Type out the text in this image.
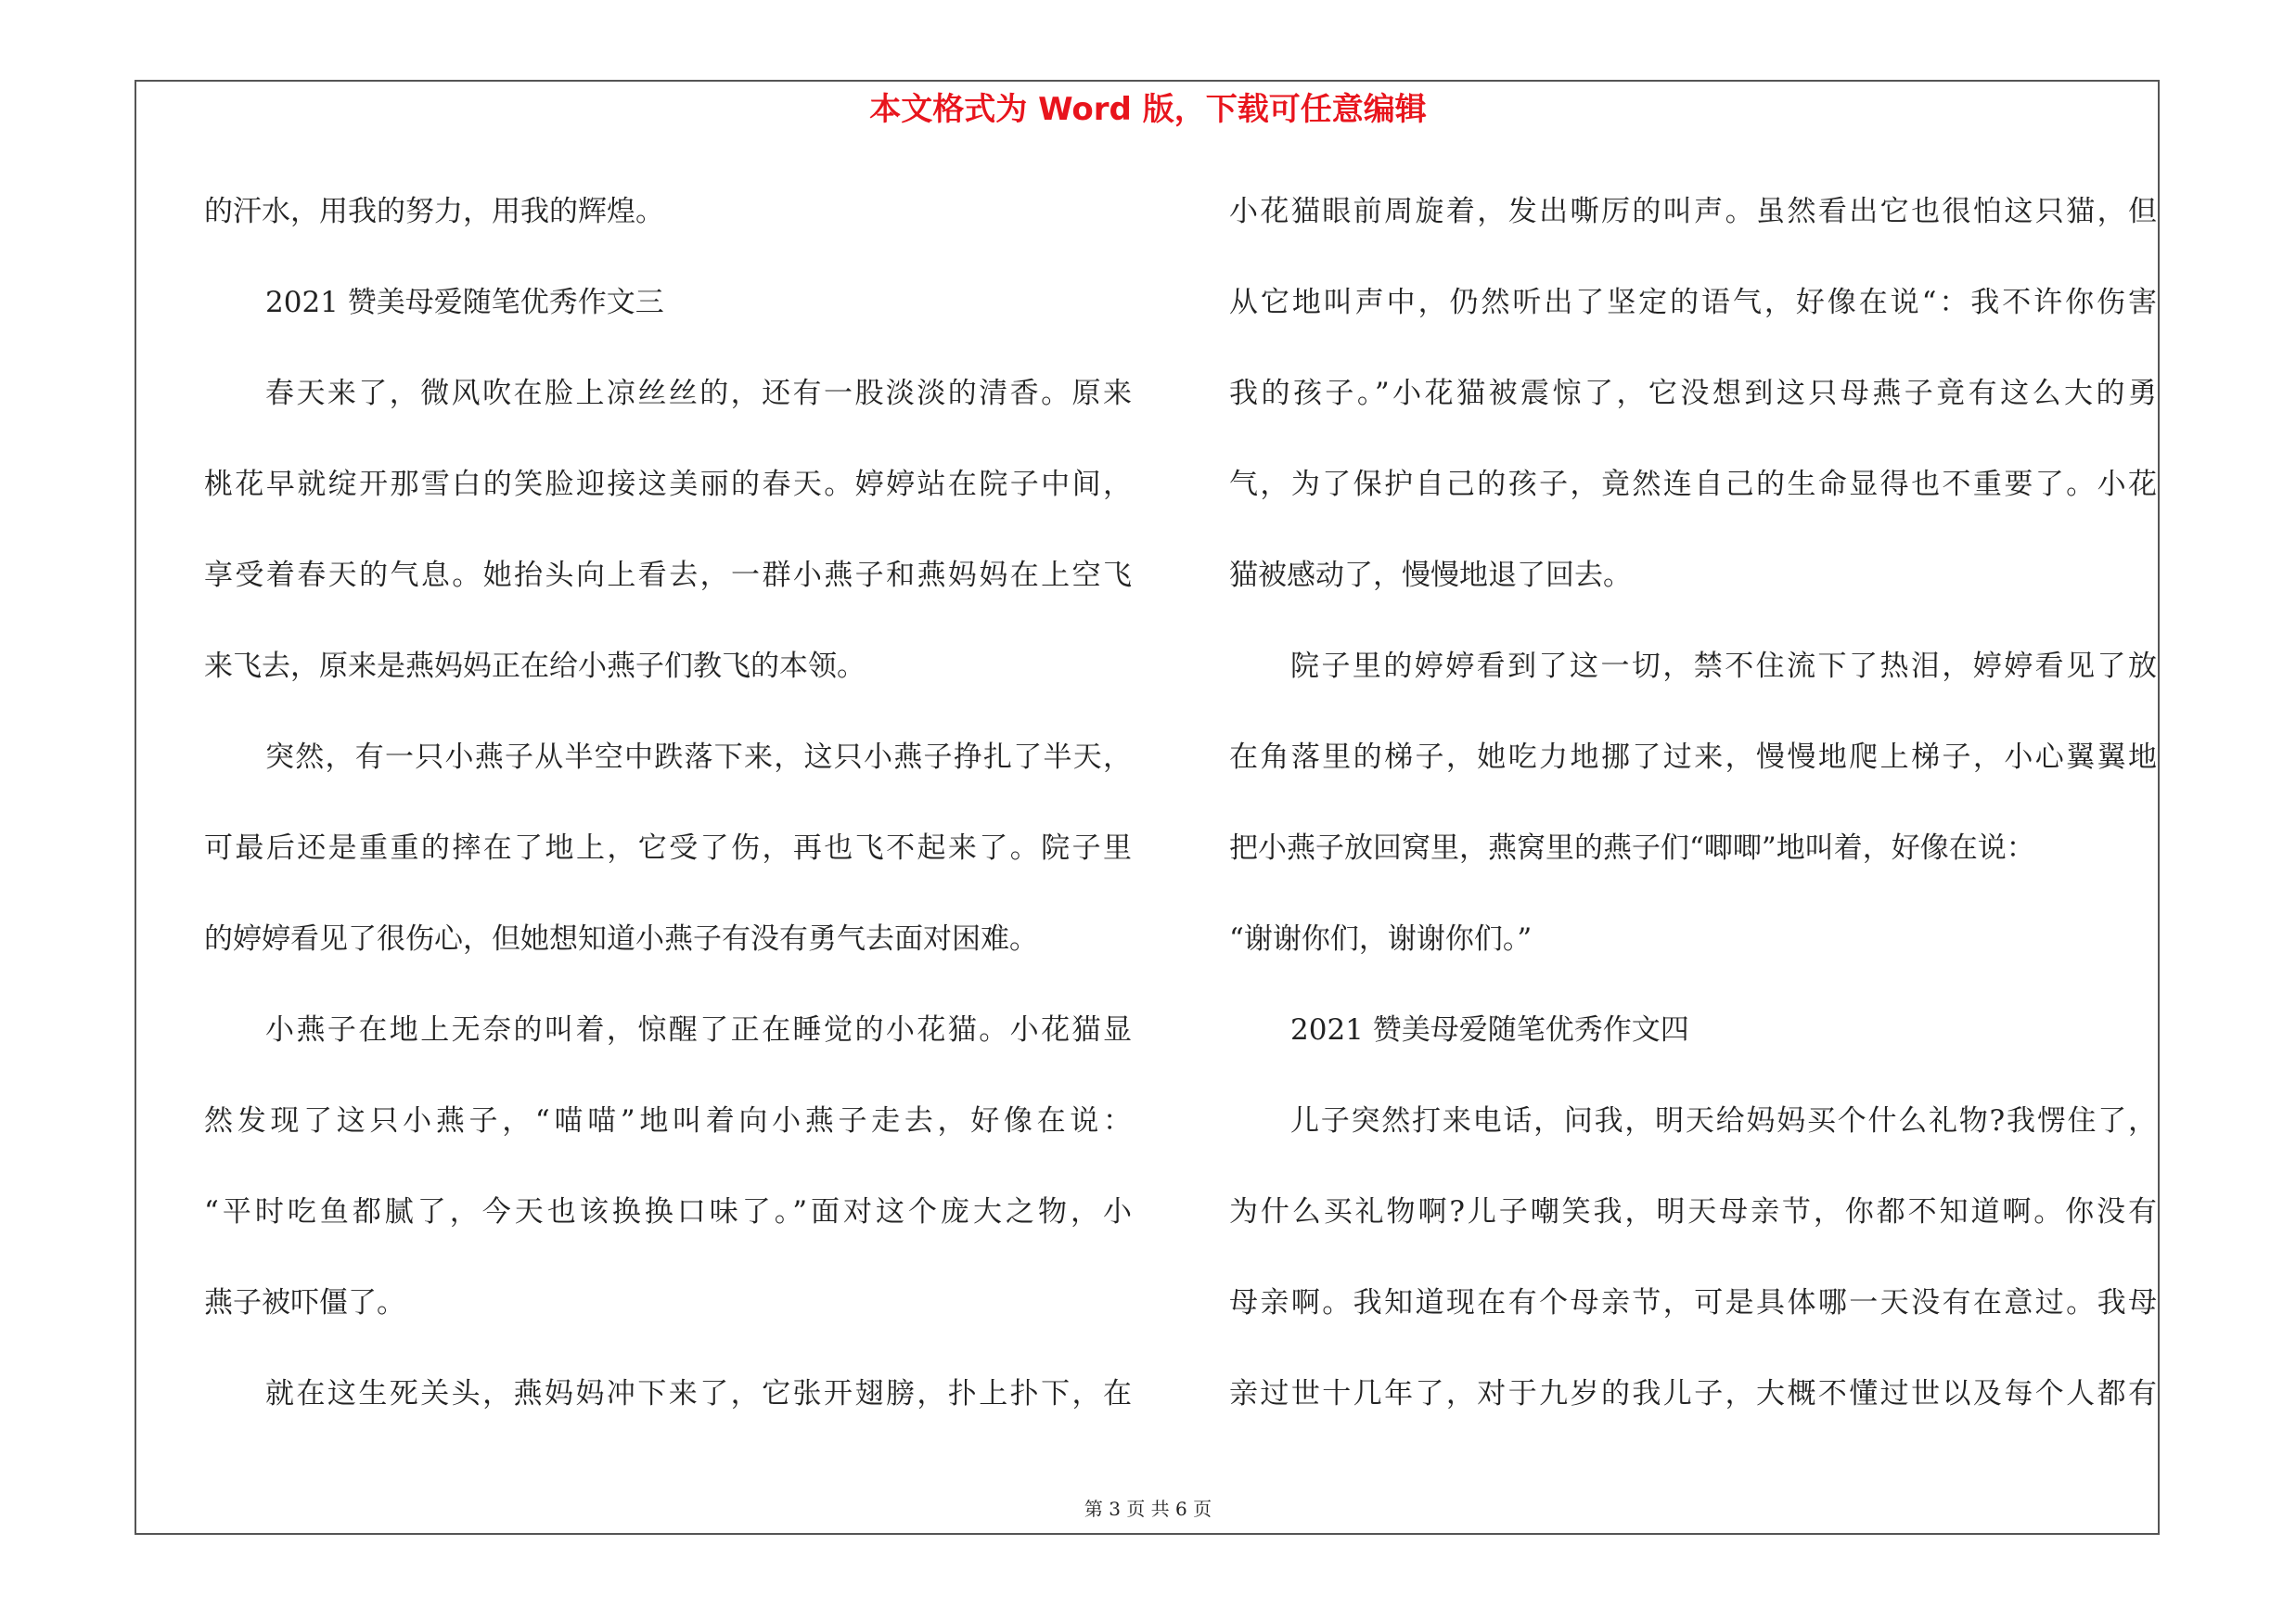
本文格式为 Word 版，下载可任意编辑
的汗水，用我的努力，用我的辉煌。
2021 赞美母爱随笔优秀作文三
春天来了，微风吹在脸上凉丝丝的，还有一股淡淡的清香。原来
桃花早就绽开那雪白的笑脸迎接这美丽的春天。婷婷站在院子中间，
享受着春天的气息。她抬头向上看去，一群小燕子和燕妈妈在上空飞
来飞去，原来是燕妈妈正在给小燕子们教飞的本领。
突然，有一只小燕子从半空中跌落下来，这只小燕子挣扎了半天，
可最后还是重重的摔在了地上，它受了伤，再也飞不起来了。院子里
的婷婷看见了很伤心，但她想知道小燕子有没有勇气去面对困难。
小燕子在地上无奈的叫着，惊醒了正在睡觉的小花猫。小花猫显
然发现了这只小燕子，“喵喵”地叫着向小燕子走去，好像在说：
“平时吃鱼都腻了，今天也该换换口味了。”面对这个庞大之物，小
燕子被吓僵了。
就在这生死关头，燕妈妈冲下来了，它张开翅膀，扑上扑下，在
小花猫眼前周旋着，发出嘶厉的叫声。虽然看出它也很怕这只猫，但
从它地叫声中，仍然听出了坚定的语气，好像在说“：我不许你伤害
我的孩子。”小花猫被震惊了，它没想到这只母燕子竟有这么大的勇
气，为了保护自己的孩子，竟然连自己的生命显得也不重要了。小花
猫被感动了，慢慢地退了回去。
院子里的婷婷看到了这一切，禁不住流下了热泪，婷婷看见了放
在角落里的梯子，她吃力地挪了过来，慢慢地爬上梯子，小心翼翼地
把小燕子放回窝里，燕窝里的燕子们“唧唧”地叫着，好像在说：
“谢谢你们，谢谢你们。”
2021 赞美母爱随笔优秀作文四
儿子突然打来电话，问我，明天给妈妈买个什么礼物?我愣住了，
为什么买礼物啊?儿子嘲笑我，明天母亲节，你都不知道啊。你没有
母亲啊。我知道现在有个母亲节，可是具体哪一天没有在意过。我母
亲过世十几年了，对于九岁的我儿子，大概不懂过世以及每个人都有
第 3 页 共 6 页
